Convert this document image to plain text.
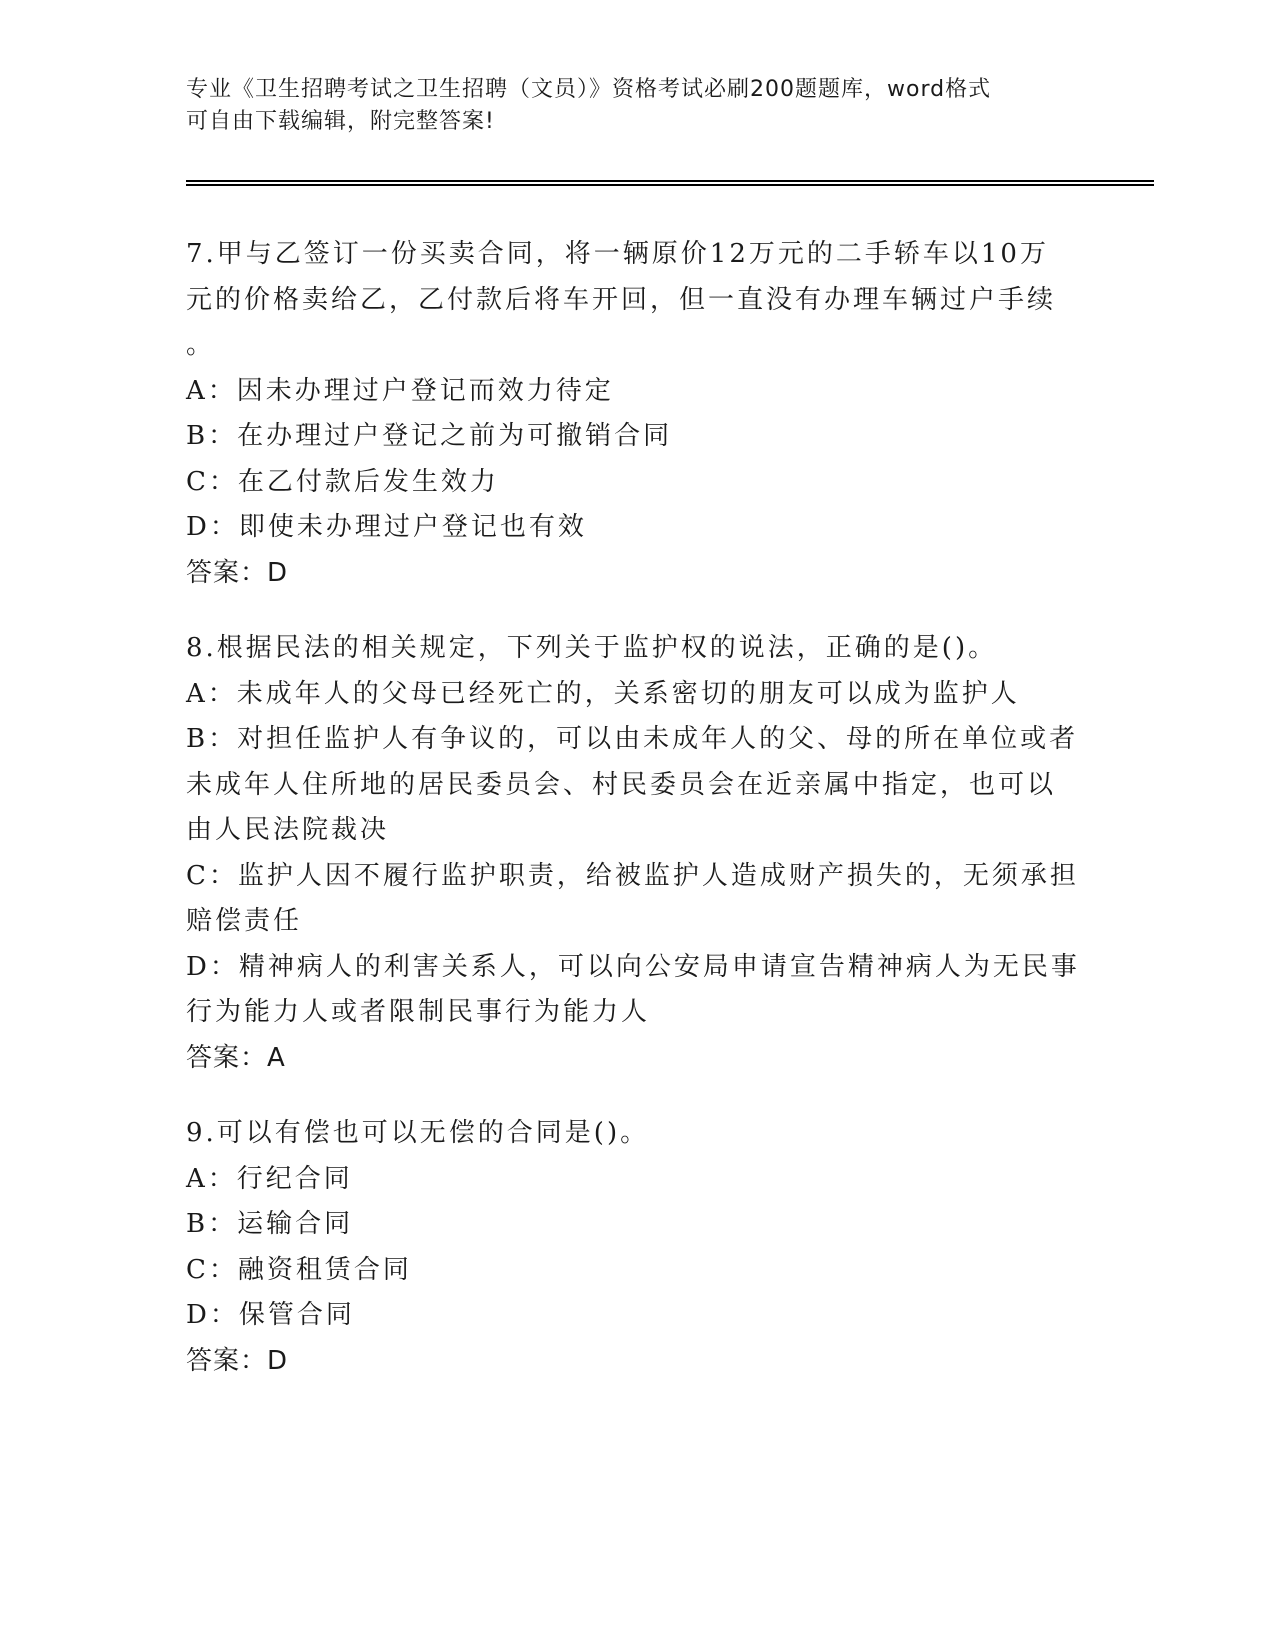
专业《卫生招聘考试之卫生招聘（文员）》资格考试必刷200题题库，word格式
可自由下载编辑，附完整答案!
7.甲与乙签订一份买卖合同，将一辆原价12万元的二手轿车以10万
元的价格卖给乙，乙付款后将车开回，但一直没有办理车辆过户手续
。
A：因未办理过户登记而效力待定
B：在办理过户登记之前为可撤销合同
C：在乙付款后发生效力
D：即使未办理过户登记也有效
答案：D
8.根据民法的相关规定，下列关于监护权的说法，正确的是()。
A：未成年人的父母已经死亡的，关系密切的朋友可以成为监护人
B：对担任监护人有争议的，可以由未成年人的父、母的所在单位或者
未成年人住所地的居民委员会、村民委员会在近亲属中指定，也可以
由人民法院裁决
C：监护人因不履行监护职责，给被监护人造成财产损失的，无须承担
赔偿责任
D：精神病人的利害关系人，可以向公安局申请宣告精神病人为无民事
行为能力人或者限制民事行为能力人
答案：A
9.可以有偿也可以无偿的合同是()。
A：行纪合同
B：运输合同
C：融资租赁合同
D：保管合同
答案：D
